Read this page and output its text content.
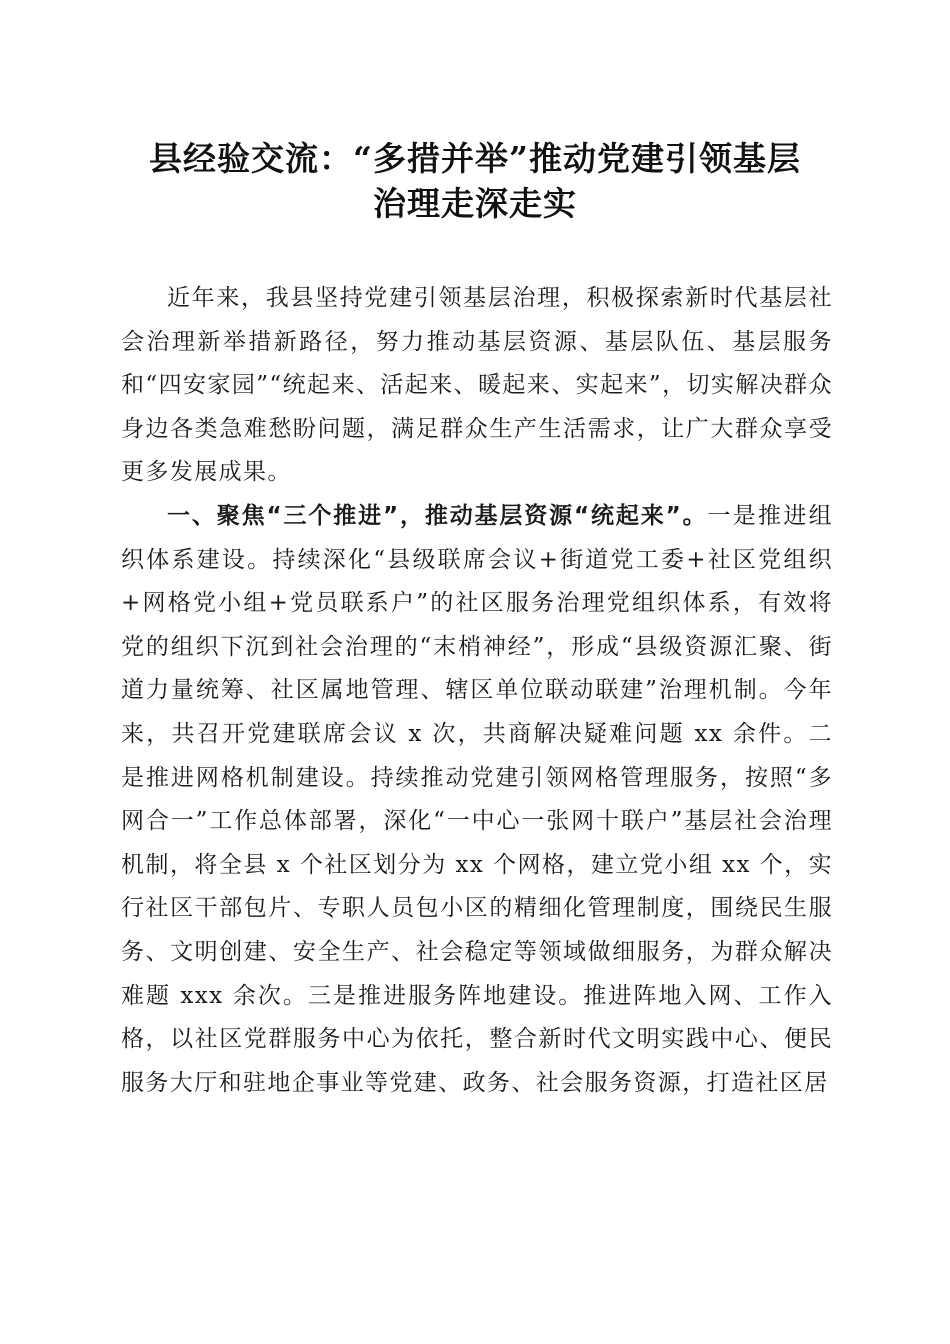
县经验交流：“多措并举”推动党建引领基层
治理走深走实

近年来，我县坚持党建引领基层治理，积极探索新时代基层社会治理新举措新路径，努力推动基层资源、基层队伍、基层服务和“四安家园”“统起来、活起来、暖起来、实起来”，切实解决群众身边各类急难愁盼问题，满足群众生产生活需求，让广大群众享受更多发展成果。

一、聚焦“三个推进”，推动基层资源“统起来”。一是推进组织体系建设。持续深化“县级联席会议+街道党工委+社区党组织+网格党小组+党员联系户”的社区服务治理党组织体系，有效将党的组织下沉到社会治理的“末梢神经”，形成“县级资源汇聚、街道力量统筹、社区属地管理、辖区单位联动联建”治理机制。今年来，共召开党建联席会议 x 次，共商解决疑难问题 xx 余件。二是推进网格机制建设。持续推动党建引领网格管理服务，按照“多网合一”工作总体部署，深化“一中心一张网十联户”基层社会治理机制，将全县 x 个社区划分为 xx 个网格，建立党小组 xx 个，实行社区干部包片、专职人员包小区的精细化管理制度，围绕民生服务、文明创建、安全生产、社会稳定等领域做细服务，为群众解决难题 xxx 余次。三是推进服务阵地建设。推进阵地入网、工作入格，以社区党群服务中心为依托，整合新时代文明实践中心、便民服务大厅和驻地企事业等党建、政务、社会服务资源，打造社区居
